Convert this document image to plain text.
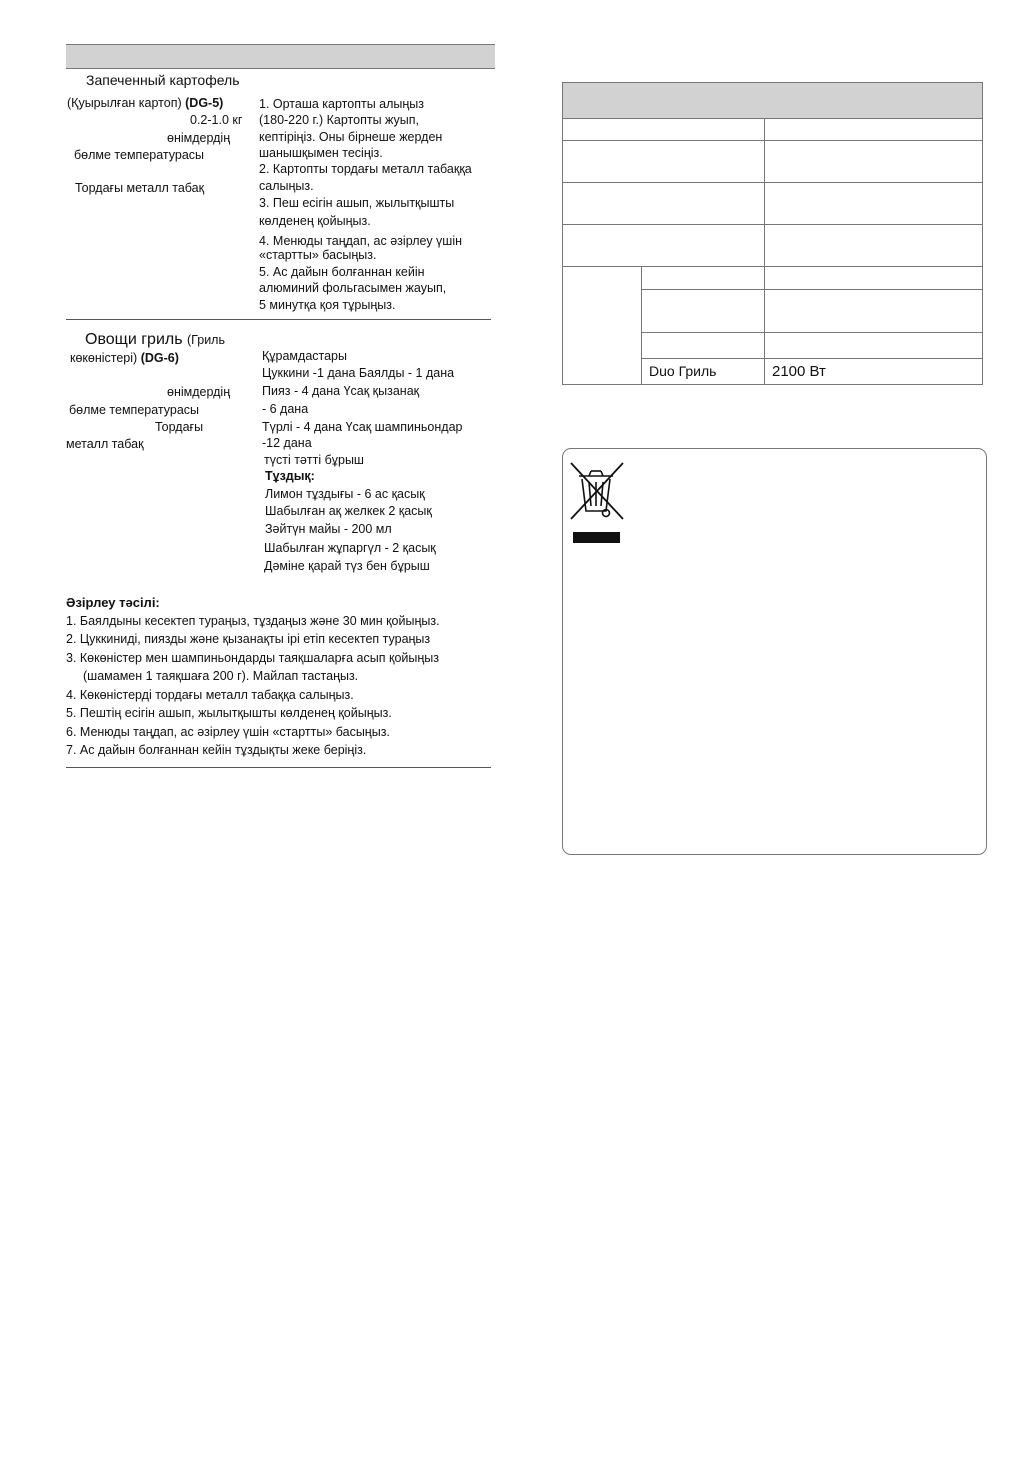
Запеченный картофель
(Қуырылған картоп) (DG-5)
0.2-1.0 кг
өнімдердің
бөлме температурасы
Тордағы металл табақ
1. Орташа картопты алыңыз
(180-220 г.) Картопты жуып,
кептіріңіз. Оны бірнеше жерден
шанышқымен тесіңіз.
2. Картопты тордағы металл табаққа
салыңыз.
3. Пеш есігін ашып, жылытқышты
көлденең қойыңыз.
4. Менюды таңдап, ас әзірлеу үшін
«стартты» басыңыз.
5. Ас дайын болғаннан кейін
алюминий фольгасымен жауып,
5 минутқа қоя тұрыңыз.
Овощи гриль (Гриль
көкөністері) (DG-6)
өнімдердің
бөлме температурасы
Тордағы
металл табақ
Құрамдастары
Цуккини -1 дана Баялды - 1 дана
Пияз - 4 дана Үсақ қызанақ
- 6 дана
Түрлі - 4 дана Үсақ шампиньондар
-12 дана
түсті тәтті бұрыш
Тұздық:
Лимон тұздығы - 6 ас қасық
Шабылған ақ желкек 2 қасық
Зәйтүн майы - 200 мл
Шабылған жұпаргүл - 2 қасық
Дәміне қарай түз бен бұрыш
Әзірлеу тәсілі:
1. Баялдыны кесектеп тураңыз, тұздаңыз және 30 мин қойыңыз.
2. Цуккиниді, пиязды және қызанақты ірі етіп кесектеп тураңыз
3. Көкөністер мен шампиньондарды таяқшаларға асып қойыңыз
(шамамен 1 таяқшаға 200 г). Майлап тастаңыз.
4. Көкөністерді тордағы металл табаққа салыңыз.
5. Пештің есігін ашып, жылытқышты көлденең қойыңыз.
6. Менюды таңдап, ас әзірлеу үшін «стартты» басыңыз.
7. Ас дайын болғаннан кейін тұздықты жеке беріңіз.
Duo Гриль	2100 Вт
